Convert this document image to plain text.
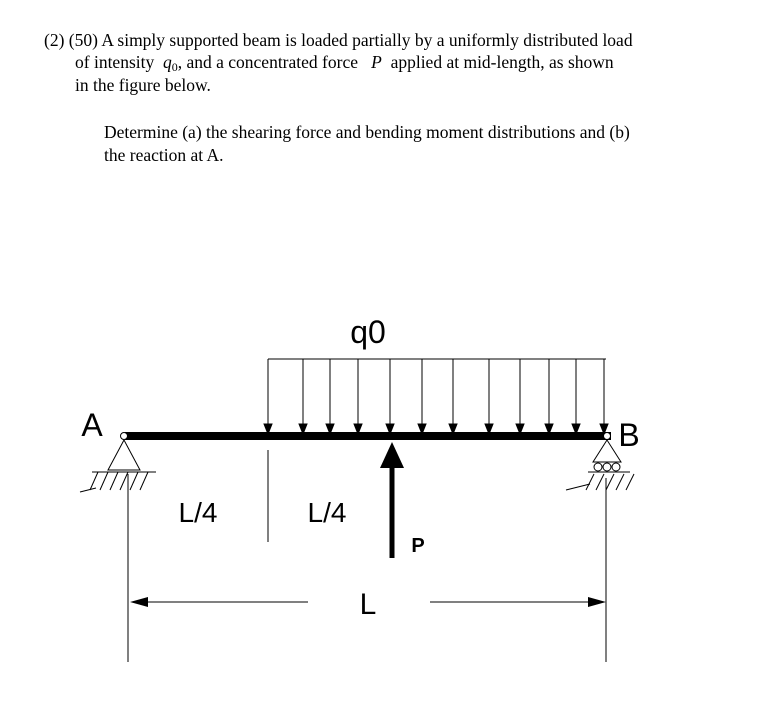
(2) (50) A simply supported beam is loaded partially by a uniformly distributed load
of intensity $q_0$, and a concentrated force P applied at mid-length, as shown
in the figure below.
Determine (a) the shearing force and bending moment distributions and (b)
the reaction at A.
q0
A	B
P
L/4	L/4
L
